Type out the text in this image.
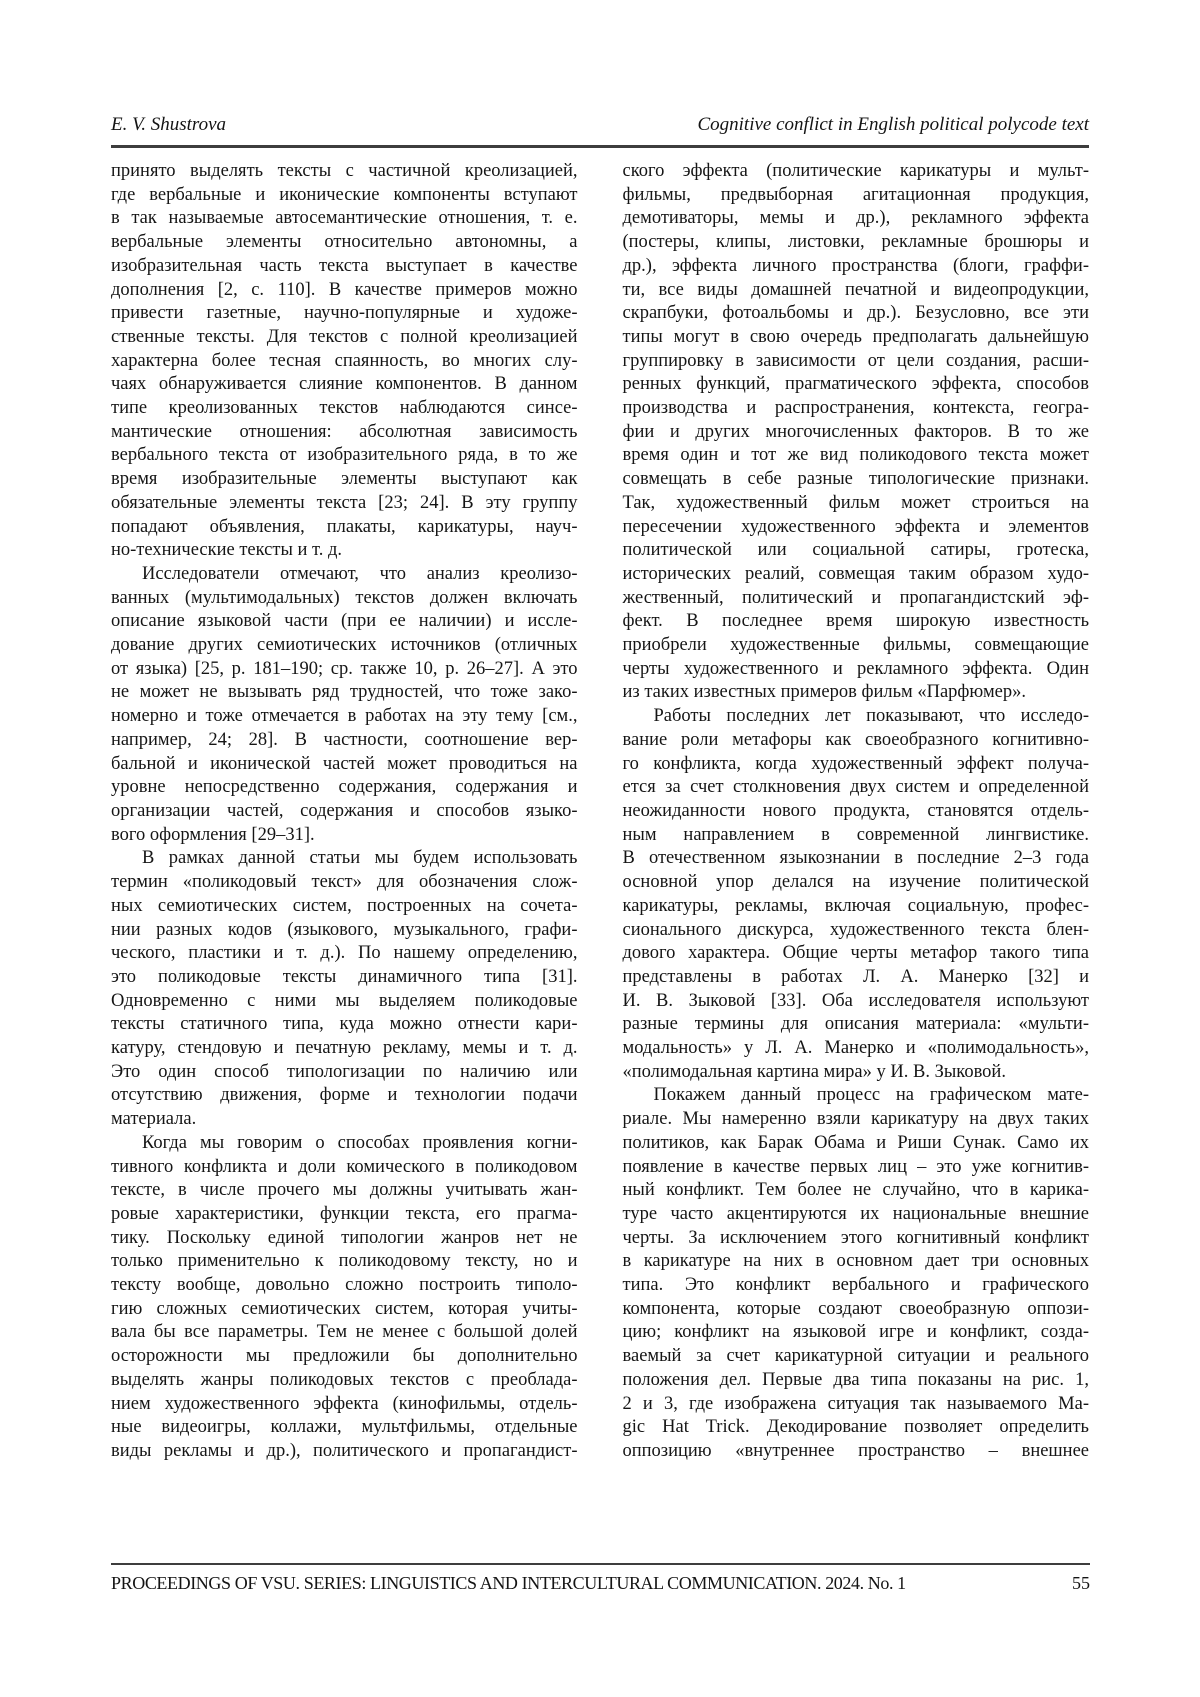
E. V. Shustrova	Cognitive conflict in English political polycode text
принято выделять тексты с частичной креолизацией,
где вербальные и иконические компоненты вступают
в так называемые автосемантические отношения, т. е.
вербальные элементы относительно автономны, а
изобразительная часть текста выступает в качестве
дополнения [2, с. 110]. В качестве примеров можно
привести газетные, научно-популярные и художе-
ственные тексты. Для текстов с полной креолизацией
характерна более тесная спаянность, во многих слу-
чаях обнаруживается слияние компонентов. В данном
типе креолизованных текстов наблюдаются синсе-
мантические отношения: абсолютная зависимость
вербального текста от изобразительного ряда, в то же
время изобразительные элементы выступают как
обязательные элементы текста [23; 24]. В эту группу
попадают объявления, плакаты, карикатуры, науч-
но-технические тексты и т. д.
Исследователи отмечают, что анализ креолизо-
ванных (мультимодальных) текстов должен включать
описание языковой части (при ее наличии) и иссле-
дование других семиотических источников (отличных
от языка) [25, p. 181–190; ср. также 10, p. 26–27]. А это
не может не вызывать ряд трудностей, что тоже зако-
номерно и тоже отмечается в работах на эту тему [см.,
например, 24; 28]. В частности, соотношение вер-
бальной и иконической частей может проводиться на
уровне непосредственно содержания, содержания и
организации частей, содержания и способов языко-
вого оформления [29–31].
В рамках данной статьи мы будем использовать
термин «поликодовый текст» для обозначения слож-
ных семиотических систем, построенных на сочета-
нии разных кодов (языкового, музыкального, графи-
ческого, пластики и т. д.). По нашему определению,
это поликодовые тексты динамичного типа [31].
Одновременно с ними мы выделяем поликодовые
тексты статичного типа, куда можно отнести кари-
катуру, стендовую и печатную рекламу, мемы и т. д.
Это один способ типологизации по наличию или
отсутствию движения, форме и технологии подачи
материала.
Когда мы говорим о способах проявления когни-
тивного конфликта и доли комического в поликодовом
тексте, в числе прочего мы должны учитывать жан-
ровые характеристики, функции текста, его прагма-
тику. Поскольку единой типологии жанров нет не
только применительно к поликодовому тексту, но и
тексту вообще, довольно сложно построить типоло-
гию сложных семиотических систем, которая учиты-
вала бы все параметры. Тем не менее с большой долей
осторожности мы предложили бы дополнительно
выделять жанры поликодовых текстов с преоблада-
нием художественного эффекта (кинофильмы, отдель-
ные видеоигры, коллажи, мультфильмы, отдельные
виды рекламы и др.), политического и пропагандист-
ского эффекта (политические карикатуры и мульт-
фильмы, предвыборная агитационная продукция,
демотиваторы, мемы и др.), рекламного эффекта
(постеры, клипы, листовки, рекламные брошюры и
др.), эффекта личного пространства (блоги, граффи-
ти, все виды домашней печатной и видеопродукции,
скрапбуки, фотоальбомы и др.). Безусловно, все эти
типы могут в свою очередь предполагать дальнейшую
группировку в зависимости от цели создания, расши-
ренных функций, прагматического эффекта, способов
производства и распространения, контекста, геогра-
фии и других многочисленных факторов. В то же
время один и тот же вид поликодового текста может
совмещать в себе разные типологические признаки.
Так, художественный фильм может строиться на
пересечении художественного эффекта и элементов
политической или социальной сатиры, гротеска,
исторических реалий, совмещая таким образом худо-
жественный, политический и пропагандистский эф-
фект. В последнее время широкую известность
приобрели художественные фильмы, совмещающие
черты художественного и рекламного эффекта. Один
из таких известных примеров фильм «Парфюмер».
Работы последних лет показывают, что исследо-
вание роли метафоры как своеобразного когнитивно-
го конфликта, когда художественный эффект получа-
ется за счет столкновения двух систем и определенной
неожиданности нового продукта, становятся отдель-
ным направлением в современной лингвистике.
В отечественном языкознании в последние 2–3 года
основной упор делался на изучение политической
карикатуры, рекламы, включая социальную, профес-
сионального дискурса, художественного текста блен-
дового характера. Общие черты метафор такого типа
представлены в работах Л. А. Манерко [32] и
И. В. Зыковой [33]. Оба исследователя используют
разные термины для описания материала: «мульти-
модальность» у Л. А. Манерко и «полимодальность»,
«полимодальная картина мира» у И. В. Зыковой.
Покажем данный процесс на графическом мате-
риале. Мы намеренно взяли карикатуру на двух таких
политиков, как Барак Обама и Риши Сунак. Само их
появление в качестве первых лиц – это уже когнитив-
ный конфликт. Тем более не случайно, что в карика-
туре часто акцентируются их национальные внешние
черты. За исключением этого когнитивный конфликт
в карикатуре на них в основном дает три основных
типа. Это конфликт вербального и графического
компонента, которые создают своеобразную оппози-
цию; конфликт на языковой игре и конфликт, созда-
ваемый за счет карикатурной ситуации и реального
положения дел. Первые два типа показаны на рис. 1,
2 и 3, где изображена ситуация так называемого Ma-
gic Hat Trick. Декодирование позволяет определить
оппозицию «внутреннее пространство – внешнее
PROCEEDINGS OF VSU. SERIES: LINGUISTICS AND INTERCULTURAL COMMUNICATION. 2024. No. 1	55
